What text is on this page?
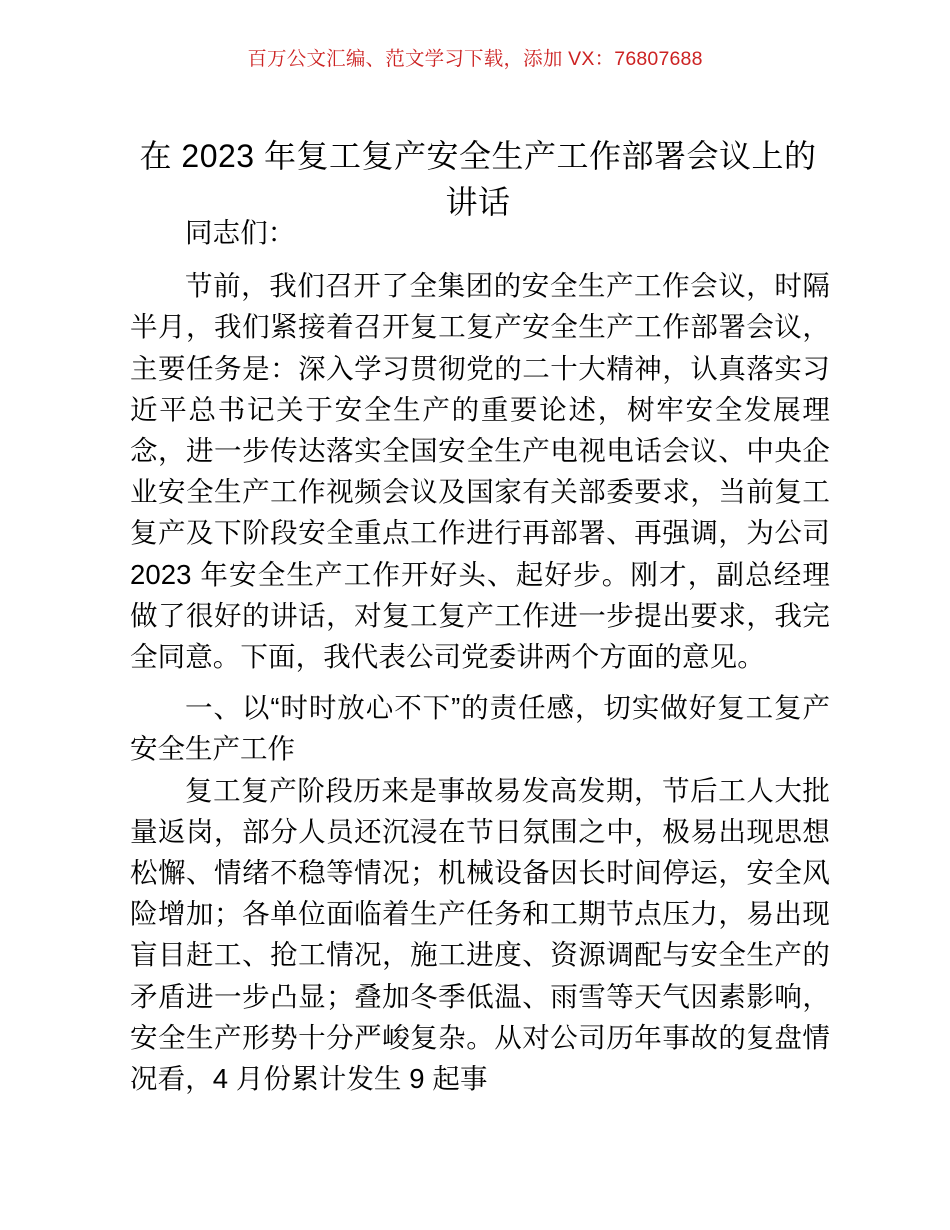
百万公文汇编、范文学习下载，添加 VX：76807688
在 2023 年复工复产安全生产工作部署会议上的讲话

同志们：

节前，我们召开了全集团的安全生产工作会议，时隔半月，我们紧接着召开复工复产安全生产工作部署会议，主要任务是：深入学习贯彻党的二十大精神，认真落实习近平总书记关于安全生产的重要论述，树牢安全发展理念，进一步传达落实全国安全生产电视电话会议、中央企业安全生产工作视频会议及国家有关部委要求，当前复工复产及下阶段安全重点工作进行再部署、再强调，为公司 2023 年安全生产工作开好头、起好步。刚才，副总经理做了很好的讲话，对复工复产工作进一步提出要求，我完全同意。下面，我代表公司党委讲两个方面的意见。

一、以“时时放心不下”的责任感，切实做好复工复产安全生产工作

复工复产阶段历来是事故易发高发期，节后工人大批量返岗，部分人员还沉浸在节日氛围之中，极易出现思想松懈、情绪不稳等情况；机械设备因长时间停运，安全风险增加；各单位面临着生产任务和工期节点压力，易出现盲目赶工、抢工情况，施工进度、资源调配与安全生产的矛盾进一步凸显；叠加冬季低温、雨雪等天气因素影响，安全生产形势十分严峻复杂。从对公司历年事故的复盘情况看，4 月份累计发生 9 起事
